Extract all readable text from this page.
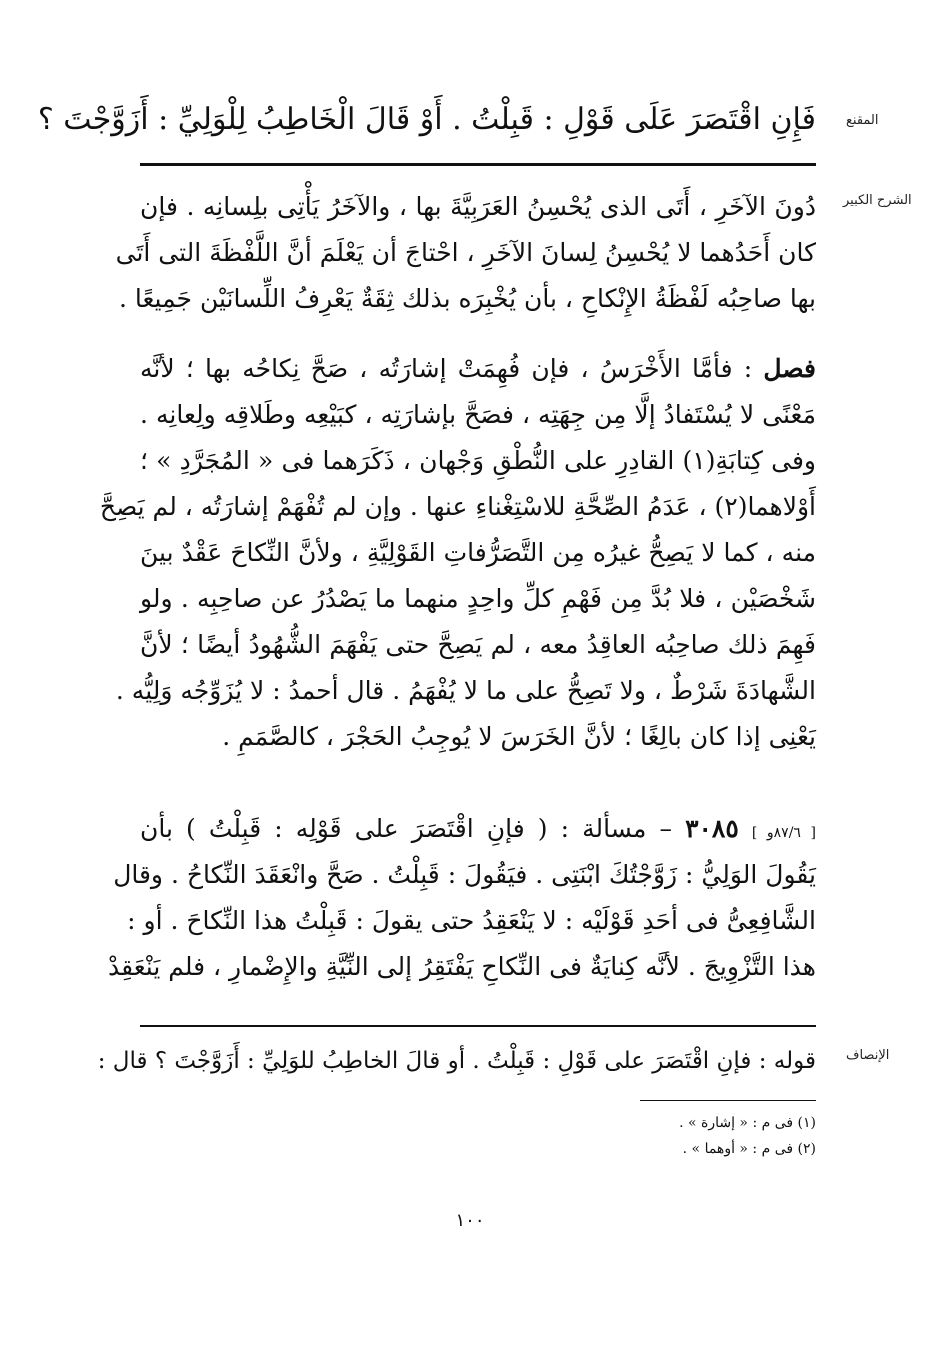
المقنع
الشرح الكبير
الإنصاف
فَإِنِ اقْتَصَرَ عَلَى قَوْلِ : قَبِلْتُ . أَوْ قَالَ الْخَاطِبُ لِلْوَلِيِّ : أَزَوَّجْتَ ؟
دُونَ الآخَرِ ، أَتَى الذى يُحْسِنُ العَرَبِيَّةَ بها ، والآخَرُ يَأْتِى بلِسانِه . فإن
كان أَحَدُهما لا يُحْسِنُ لِسانَ الآخَرِ ، احْتاجَ أن يَعْلَمَ أنَّ اللَّفْظَةَ التى أَتَى
بها صاحِبُه لَفْظَةُ الإِنْكاحِ ، بأن يُخْبِرَه بذلك ثِقَةٌ يَعْرِفُ اللِّسانَيْن جَمِيعًا .
فصل : فأمَّا الأَخْرَسُ ، فإن فُهِمَتْ إشارَتُه ، صَحَّ نِكاحُه بها ؛ لأنَّه
مَعْنًى لا يُسْتَفادُ إلَّا مِن جِهَتِه ، فصَحَّ بإشارَتِه ، كبَيْعِه وطَلاقِه ولِعانِه .
وفى كِتابَةِ(١) القادِرِ على النُّطْقِ وَجْهان ، ذَكَرَهما فى « المُجَرَّدِ » ؛
أَوْلاهما(٢) ، عَدَمُ الصِّحَّةِ للاسْتِغْناءِ عنها . وإن لم تُفْهَمْ إشارَتُه ، لم يَصِحَّ
منه ، كما لا يَصِحُّ غيرُه مِن التَّصَرُّفاتِ القَوْلِيَّةِ ، ولأنَّ النِّكاحَ عَقْدٌ بينَ
شَخْصَيْن ، فلا بُدَّ مِن فَهْمِ كلِّ واحِدٍ منهما ما يَصْدُرُ عن صاحِبِه . ولو
فَهِمَ ذلك صاحِبُه العاقِدُ معه ، لم يَصِحَّ حتى يَفْهَمَ الشُّهُودُ أيضًا ؛ لأنَّ
الشَّهادَةَ شَرْطٌ ، ولا تَصِحُّ على ما لا يُفْهَمُ . قال أحمدُ : لا يُزَوِّجُه وَلِيُّه .
يَعْنِى إذا كان بالِغًا ؛ لأنَّ الخَرَسَ لا يُوجِبُ الحَجْرَ ، كالصَّمَمِ .
[ ٨٧/٦و ] ٣٠٨٥ – مسألة : ( فإنِ اقْتَصَرَ على قَوْلِه : قَبِلْتُ ) بأن
يَقُولَ الوَلِيُّ : زَوَّجْتُكَ ابْنَتِى . فيَقُولَ : قَبِلْتُ . صَحَّ وانْعَقَدَ النِّكاحُ . وقال
الشَّافِعِىُّ فى أحَدِ قَوْلَيْه : لا يَنْعَقِدُ حتى يقولَ : قَبِلْتُ هذا النِّكاحَ . أو :
هذا التَّزْوِيجَ . لأنَّه كِنايَةٌ فى النِّكاحِ يَفْتَقِرُ إلى النِّيَّةِ والإِضْمارِ ، فلم يَنْعَقِدْ
قوله : فإنِ اقْتَصَرَ على قَوْلِ : قَبِلْتُ . أو قالَ الخاطِبُ للوَلِيِّ : أَزَوَّجْتَ ؟ قال :
(١) فى م : « إشارة » .
(٢) فى م : « أوهما » .
١٠٠
